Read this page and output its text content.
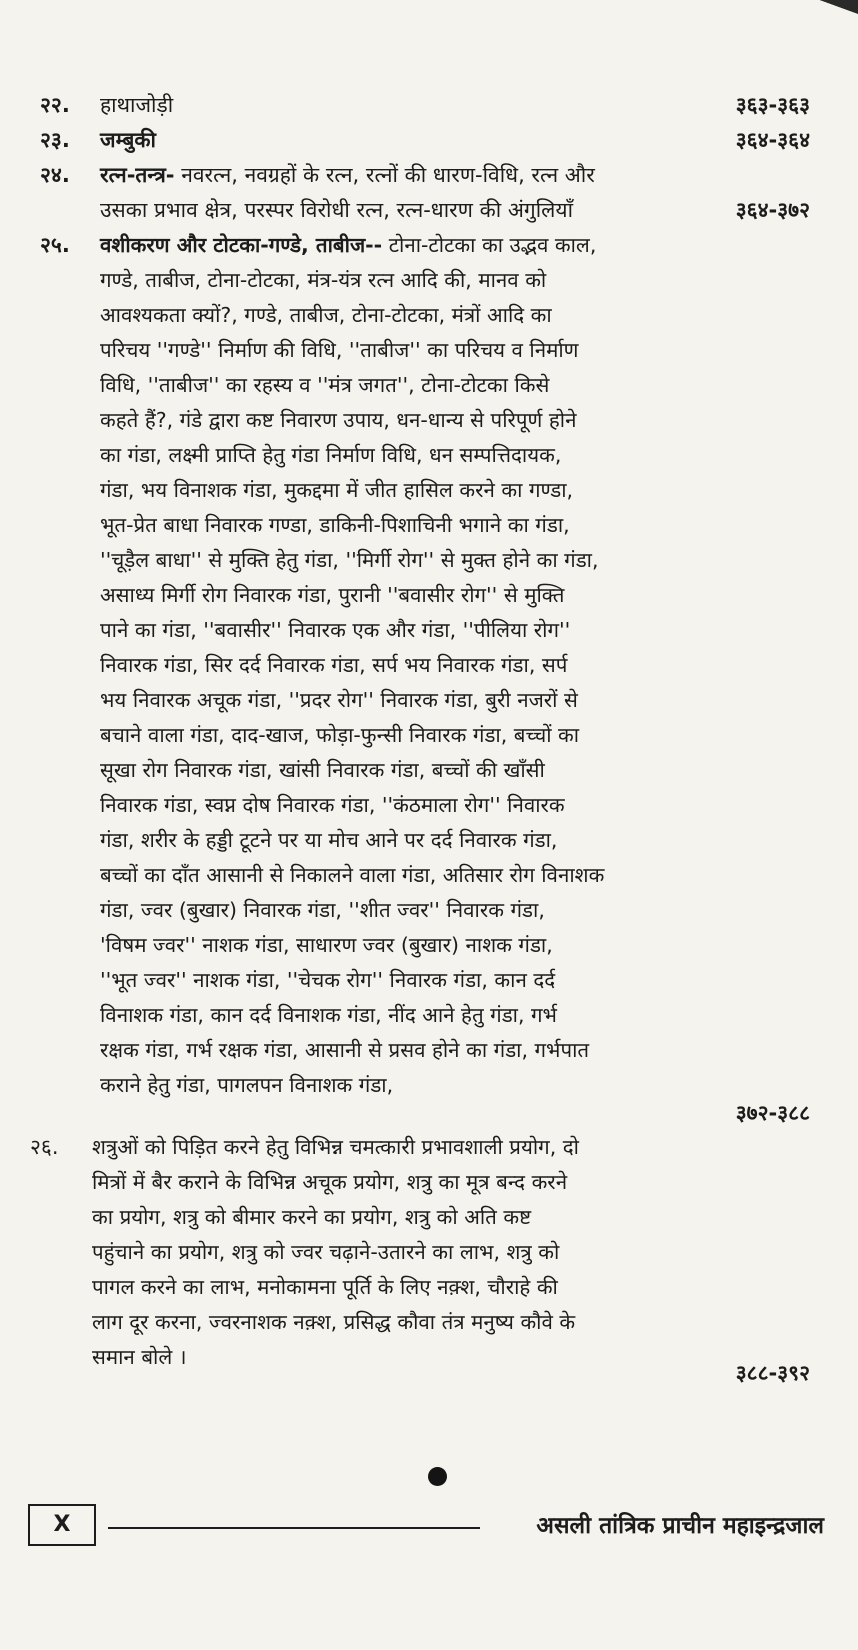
२२. हाथाजोड़ी	३६३-३६३
२३. जम्बुकी	३६४-३६४
२४. रत्न-तन्त्र- नवरत्न, नवग्रहों के रत्न, रत्नों की धारण-विधि, रत्न और
उसका प्रभाव क्षेत्र, परस्पर विरोधी रत्न, रत्न-धारण की अंगुलियाँ	३६४-३७२
२५. वशीकरण और टोटका-गण्डे, ताबीज-- टोना-टोटका का उद्भव काल,
गण्डे, ताबीज, टोना-टोटका, मंत्र-यंत्र रत्न आदि की, मानव को
आवश्यकता क्यों?, गण्डे, ताबीज, टोना-टोटका, मंत्रों आदि का
परिचय ''गण्डे'' निर्माण की विधि, ''ताबीज'' का परिचय व निर्माण
विधि, ''ताबीज'' का रहस्य व ''मंत्र जगत'', टोना-टोटका किसे
कहते हैं?, गंडे द्वारा कष्ट निवारण उपाय, धन-धान्य से परिपूर्ण होने
का गंडा, लक्ष्मी प्राप्ति हेतु गंडा निर्माण विधि, धन सम्पत्तिदायक,
गंडा, भय विनाशक गंडा, मुकद्दमा में जीत हासिल करने का गण्डा,
भूत-प्रेत बाधा निवारक गण्डा, डाकिनी-पिशाचिनी भगाने का गंडा,
''चूड़ैल बाधा'' से मुक्ति हेतु गंडा, ''मिर्गी रोग'' से मुक्त होने का गंडा,
असाध्य मिर्गी रोग निवारक गंडा, पुरानी ''बवासीर रोग'' से मुक्ति
पाने का गंडा, ''बवासीर'' निवारक एक और गंडा, ''पीलिया रोग''
निवारक गंडा, सिर दर्द निवारक गंडा, सर्प भय निवारक गंडा, सर्प
भय निवारक अचूक गंडा, ''प्रदर रोग'' निवारक गंडा, बुरी नजरों से
बचाने वाला गंडा, दाद-खाज, फोड़ा-फुन्सी निवारक गंडा, बच्चों का
सूखा रोग निवारक गंडा, खांसी निवारक गंडा, बच्चों की खाँसी
निवारक गंडा, स्वप्न दोष निवारक गंडा, ''कंठमाला रोग'' निवारक
गंडा, शरीर के हड्डी टूटने पर या मोच आने पर दर्द निवारक गंडा,
बच्चों का दाँत आसानी से निकालने वाला गंडा, अतिसार रोग विनाशक
गंडा, ज्वर (बुखार) निवारक गंडा, ''शीत ज्वर'' निवारक गंडा,
'विषम ज्वर'' नाशक गंडा, साधारण ज्वर (बुखार) नाशक गंडा,
''भूत ज्वर'' नाशक गंडा, ''चेचक रोग'' निवारक गंडा, कान दर्द
विनाशक गंडा, कान दर्द विनाशक गंडा, नींद आने हेतु गंडा, गर्भ
रक्षक गंडा, गर्भ रक्षक गंडा, आसानी से प्रसव होने का गंडा, गर्भपात
कराने हेतु गंडा, पागलपन विनाशक गंडा,
३७२-३८८
२६. शत्रुओं को पिड़ित करने हेतु विभिन्न चमत्कारी प्रभावशाली प्रयोग, दो
मित्रों में बैर कराने के विभिन्न अचूक प्रयोग, शत्रु का मूत्र बन्द करने
का प्रयोग, शत्रु को बीमार करने का प्रयोग, शत्रु को अति कष्ट
पहुंचाने का प्रयोग, शत्रु को ज्वर चढ़ाने-उतारने का लाभ, शत्रु को
पागल करने का लाभ, मनोकामना पूर्ति के लिए नक़्श, चौराहे की
लाग दूर करना, ज्वरनाशक नक़्श, प्रसिद्ध कौवा तंत्र मनुष्य कौवे के
समान बोले ।
३८८-३९२
X	असली तांत्रिक प्राचीन महाइन्द्रजाल
